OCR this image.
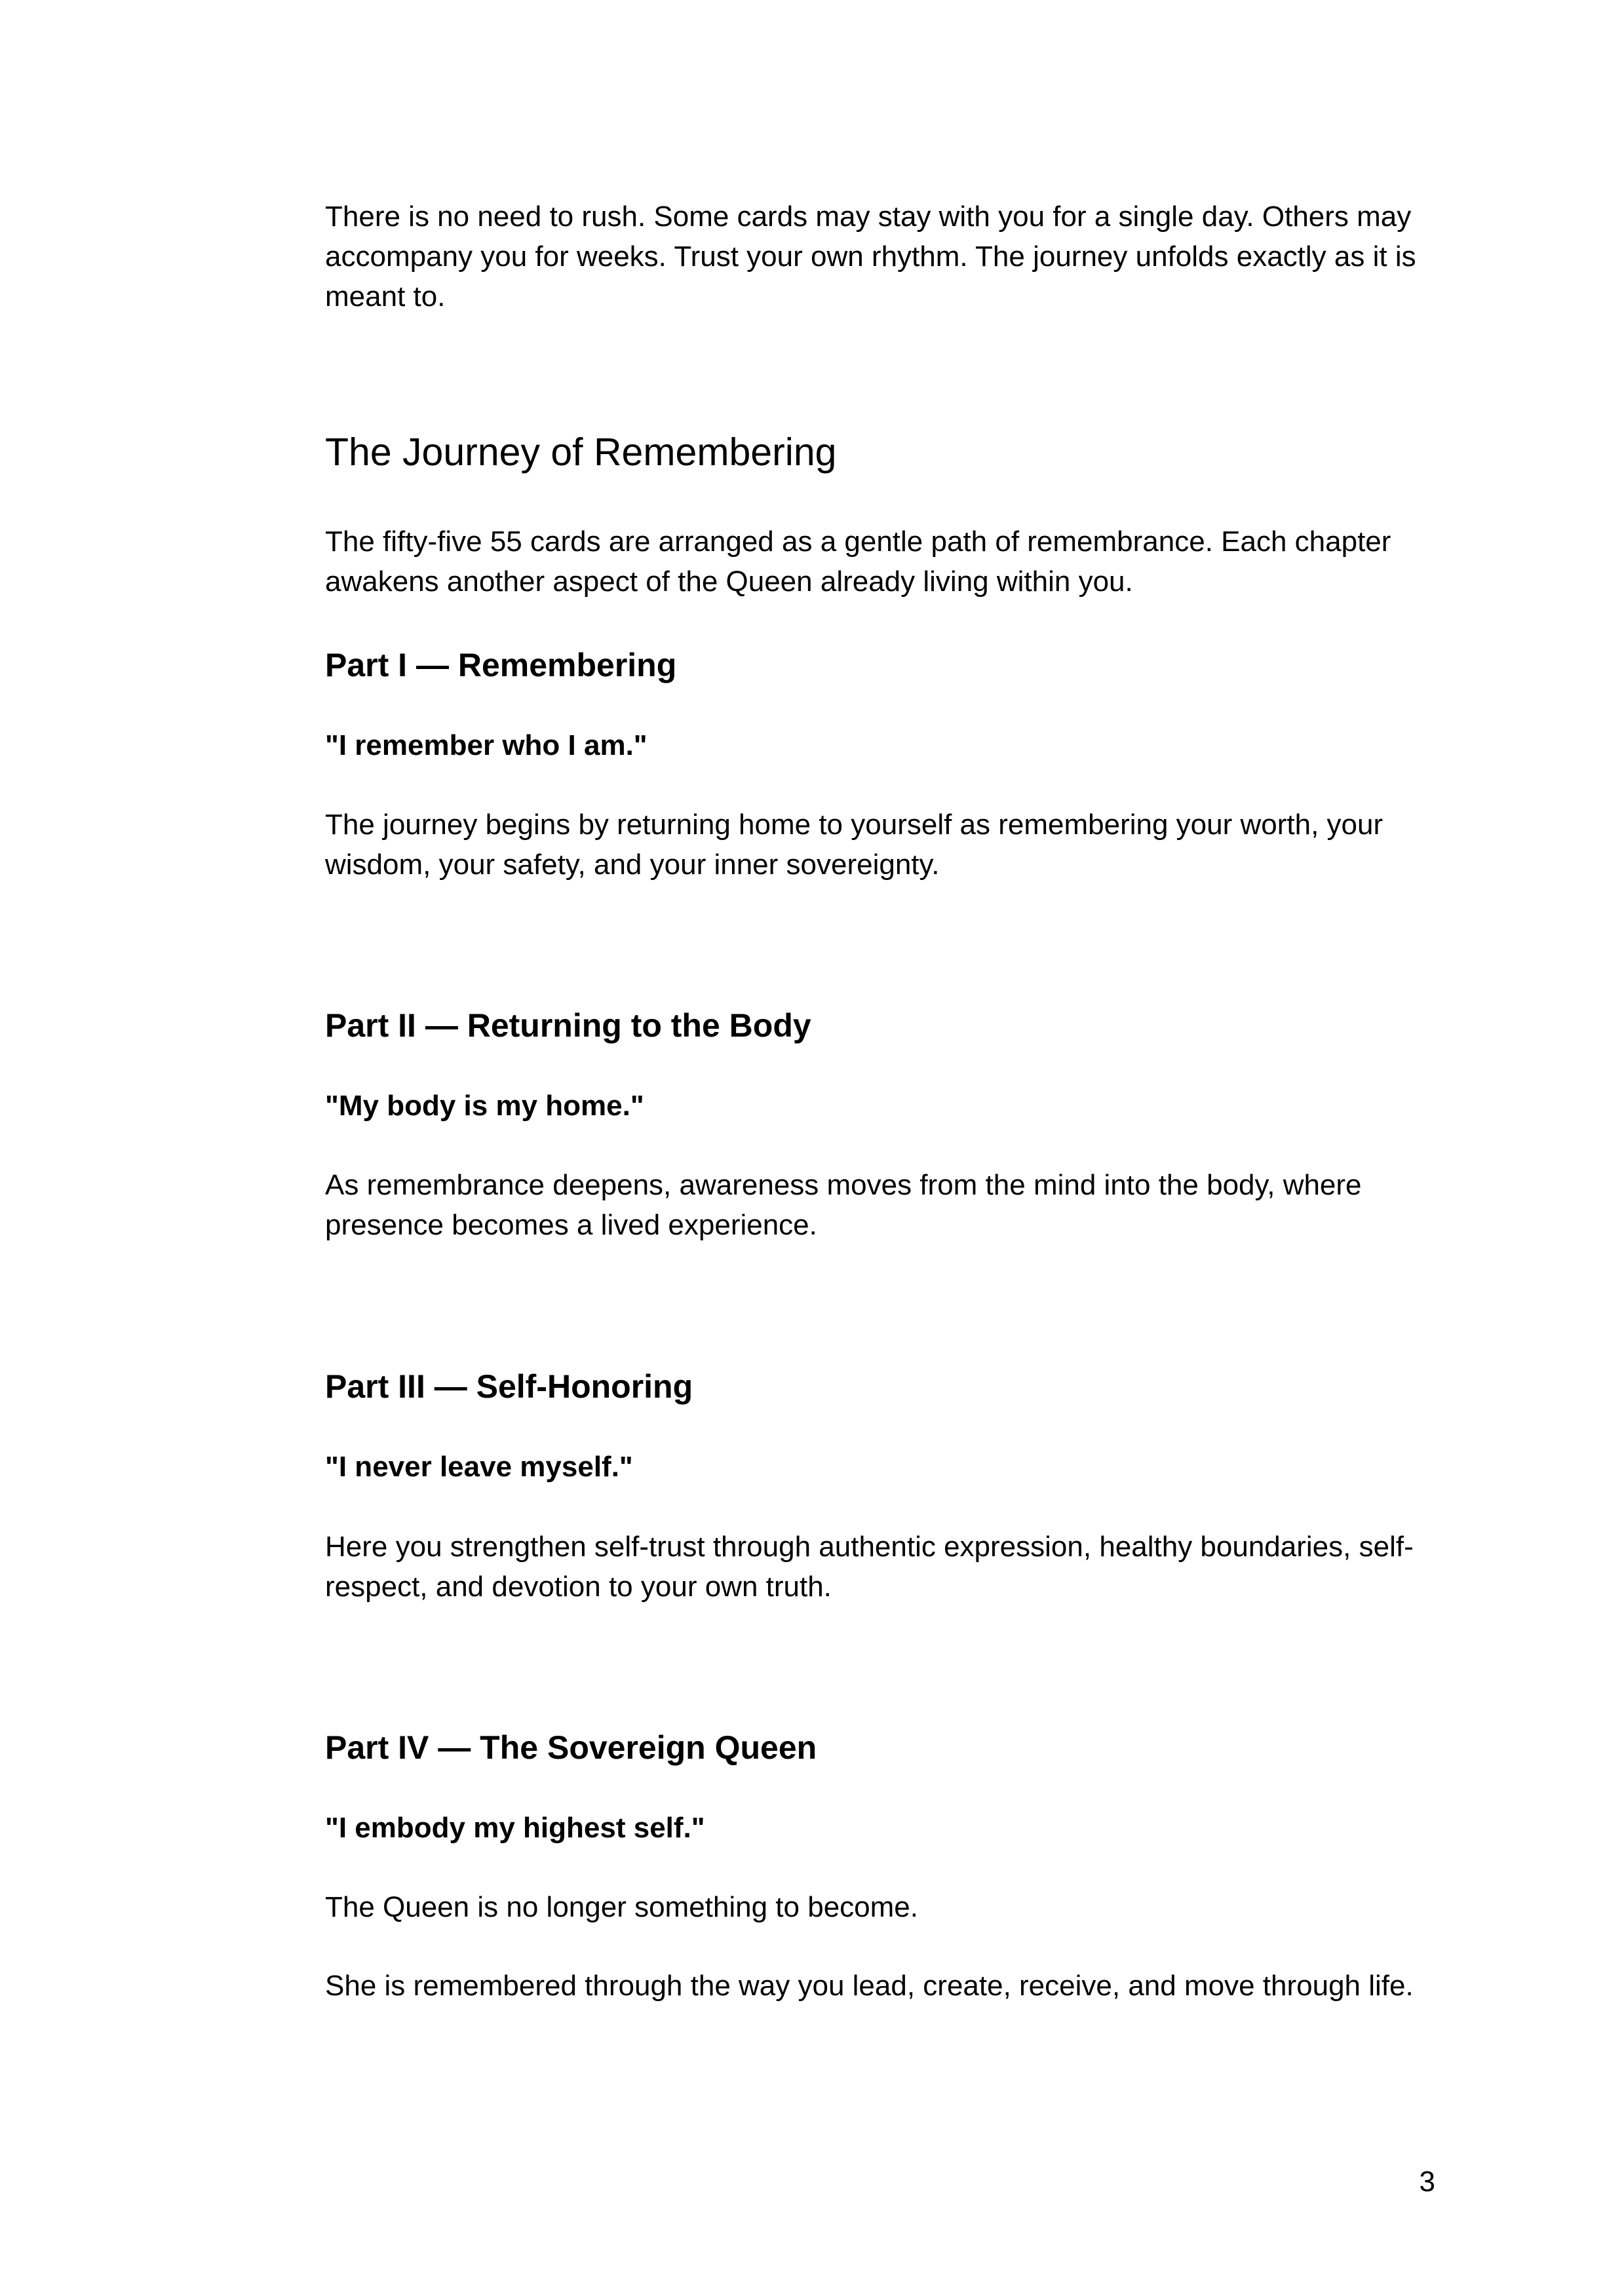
There is no need to rush. Some cards may stay with you for a single day. Others may accompany you for weeks. Trust your own rhythm. The journey unfolds exactly as it is meant to.

The Journey of Remembering

The fifty-five 55 cards are arranged as a gentle path of remembrance. Each chapter awakens another aspect of the Queen already living within you.

Part I — Remembering

"I remember who I am."

The journey begins by returning home to yourself as remembering your worth, your wisdom, your safety, and your inner sovereignty.

Part II — Returning to the Body

"My body is my home."

As remembrance deepens, awareness moves from the mind into the body, where presence becomes a lived experience.

Part III — Self-Honoring

"I never leave myself."

Here you strengthen self-trust through authentic expression, healthy boundaries, self-respect, and devotion to your own truth.

Part IV — The Sovereign Queen

"I embody my highest self."

The Queen is no longer something to become.

She is remembered through the way you lead, create, receive, and move through life.

3
